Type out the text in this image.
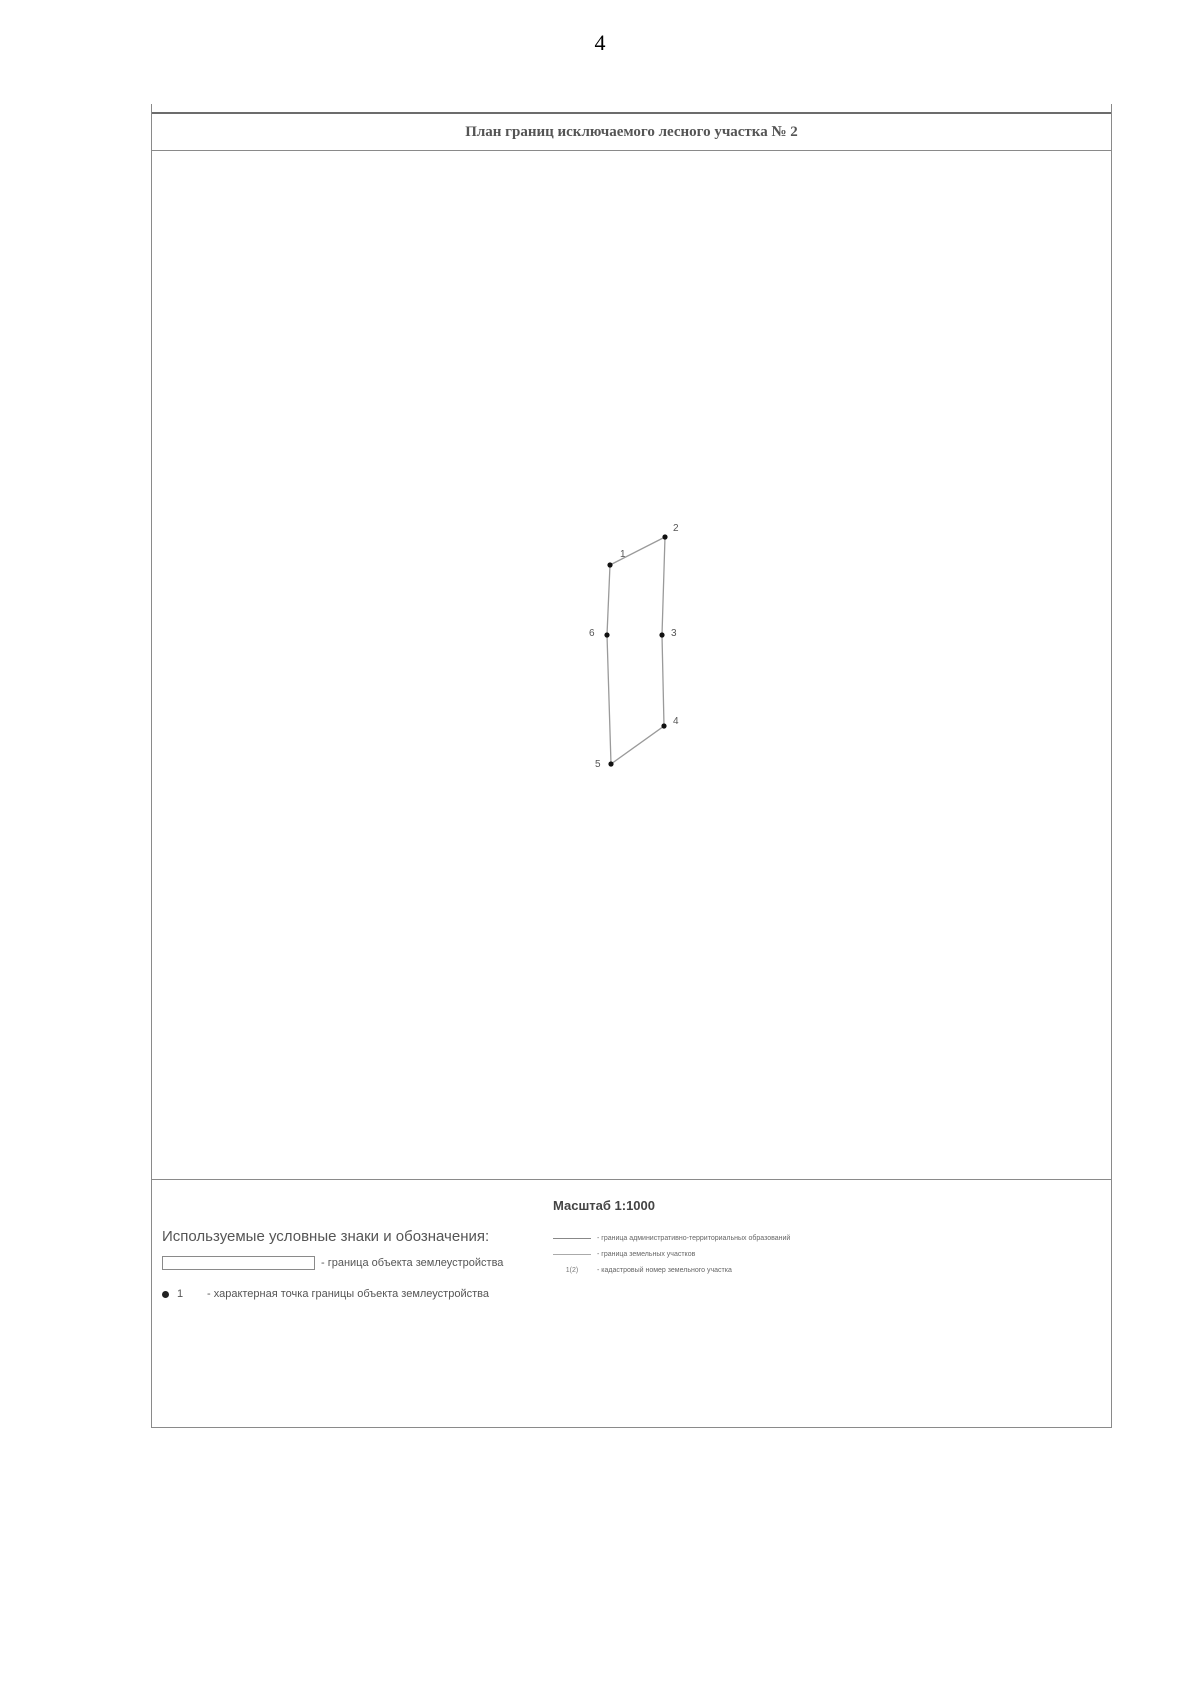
4
План границ исключаемого лесного участка № 2
1
2
3
4
5
6
Масштаб 1:1000
Используемые условные знаки и обозначения:
- граница объекта землеустройства
1	- характерная точка границы объекта землеустройства
- граница административно-территориальных образований
- граница земельных участков
1(2)	- кадастровый номер земельного участка
